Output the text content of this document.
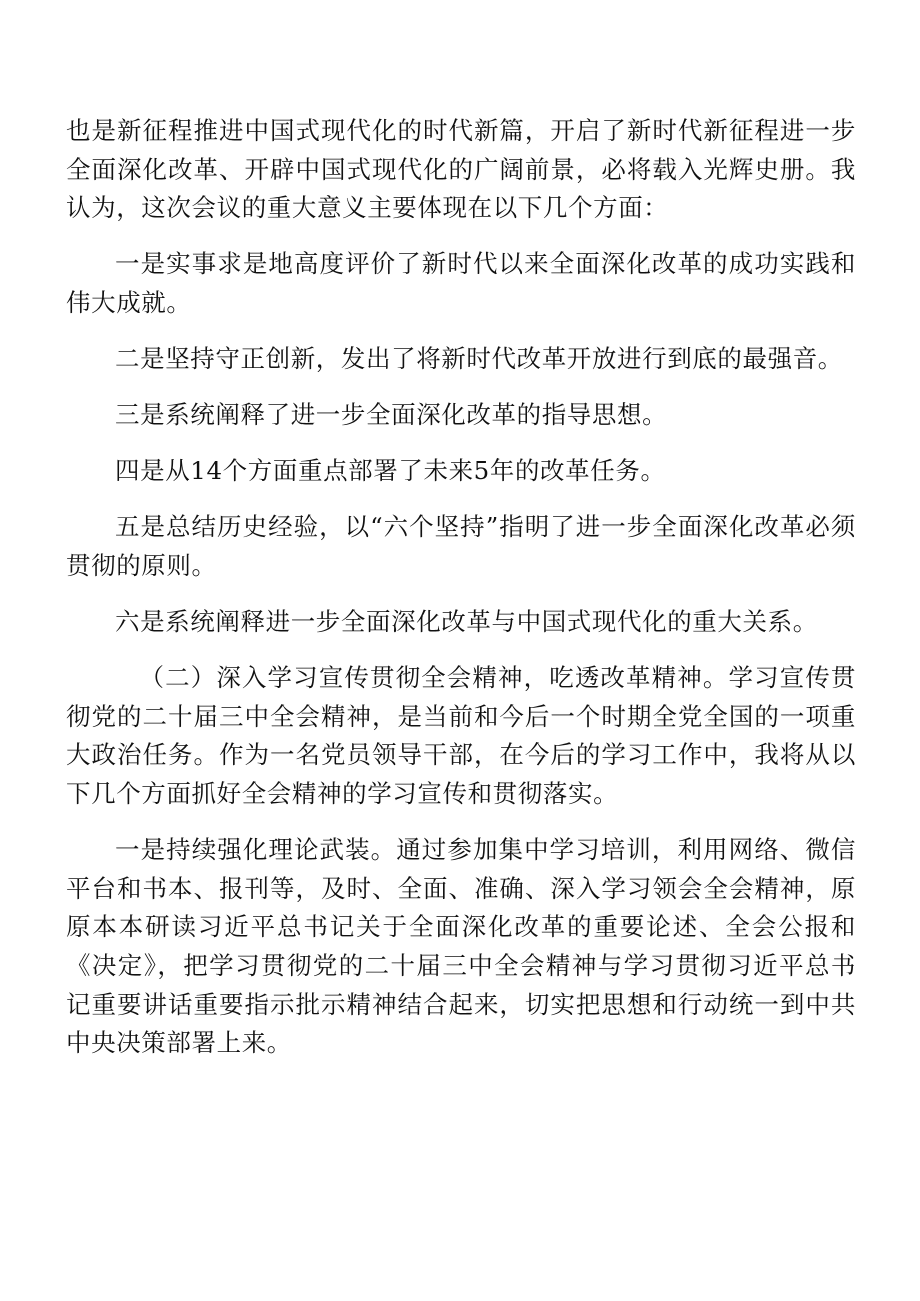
也是新征程推进中国式现代化的时代新篇，开启了新时代新征程进一步全面深化改革、开辟中国式现代化的广阔前景，必将载入光辉史册。我认为，这次会议的重大意义主要体现在以下几个方面：

一是实事求是地高度评价了新时代以来全面深化改革的成功实践和伟大成就。

二是坚持守正创新，发出了将新时代改革开放进行到底的最强音。

三是系统阐释了进一步全面深化改革的指导思想。

四是从14个方面重点部署了未来5年的改革任务。

五是总结历史经验，以“六个坚持”指明了进一步全面深化改革必须贯彻的原则。

六是系统阐释进一步全面深化改革与中国式现代化的重大关系。

（二）深入学习宣传贯彻全会精神，吃透改革精神。学习宣传贯彻党的二十届三中全会精神，是当前和今后一个时期全党全国的一项重大政治任务。作为一名党员领导干部，在今后的学习工作中，我将从以下几个方面抓好全会精神的学习宣传和贯彻落实。

一是持续强化理论武装。通过参加集中学习培训，利用网络、微信平台和书本、报刊等，及时、全面、准确、深入学习领会全会精神，原原本本研读习近平总书记关于全面深化改革的重要论述、全会公报和《决定》，把学习贯彻党的二十届三中全会精神与学习贯彻习近平总书记重要讲话重要指示批示精神结合起来，切实把思想和行动统一到中共中央决策部署上来。
